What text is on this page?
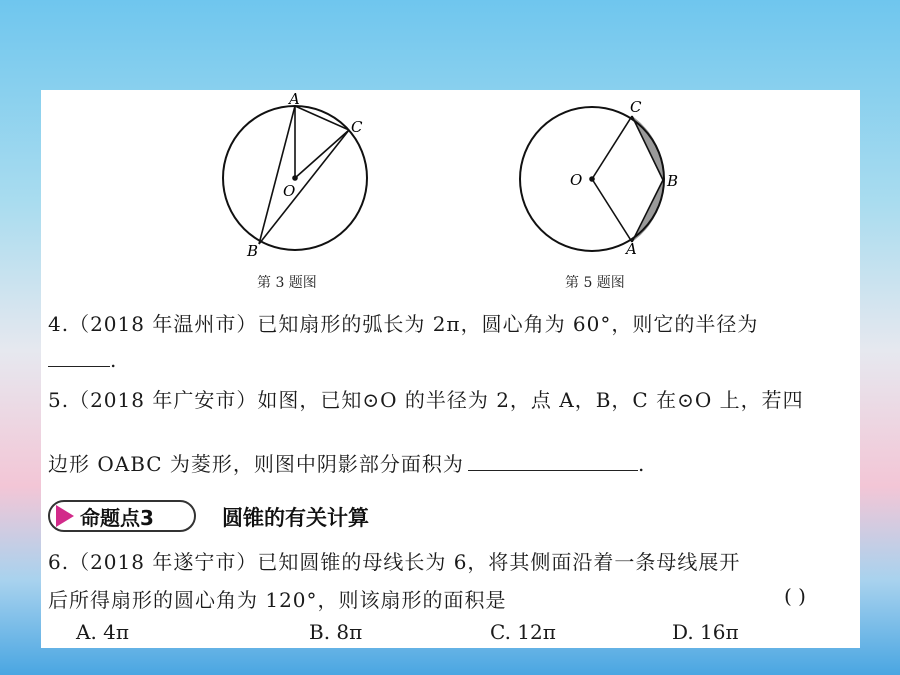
A
B
C
O
第 3 题图
C
B
A
O
第 5 题图
4.（2018 年温州市）已知扇形的弧长为 2π，圆心角为 60°，则它的半径为
.
5.（2018 年广安市）如图，已知⊙O 的半径为 2，点 A，B，C 在⊙O 上，若四
边形 OABC 为菱形，则图中阴影部分面积为	.
命题点3	圆锥的有关计算
6.（2018 年遂宁市）已知圆锥的母线长为 6，将其侧面沿着一条母线展开
后所得扇形的圆心角为 120°，则该扇形的面积是	( )
A. 4π	B. 8π	C. 12π	D. 16π
